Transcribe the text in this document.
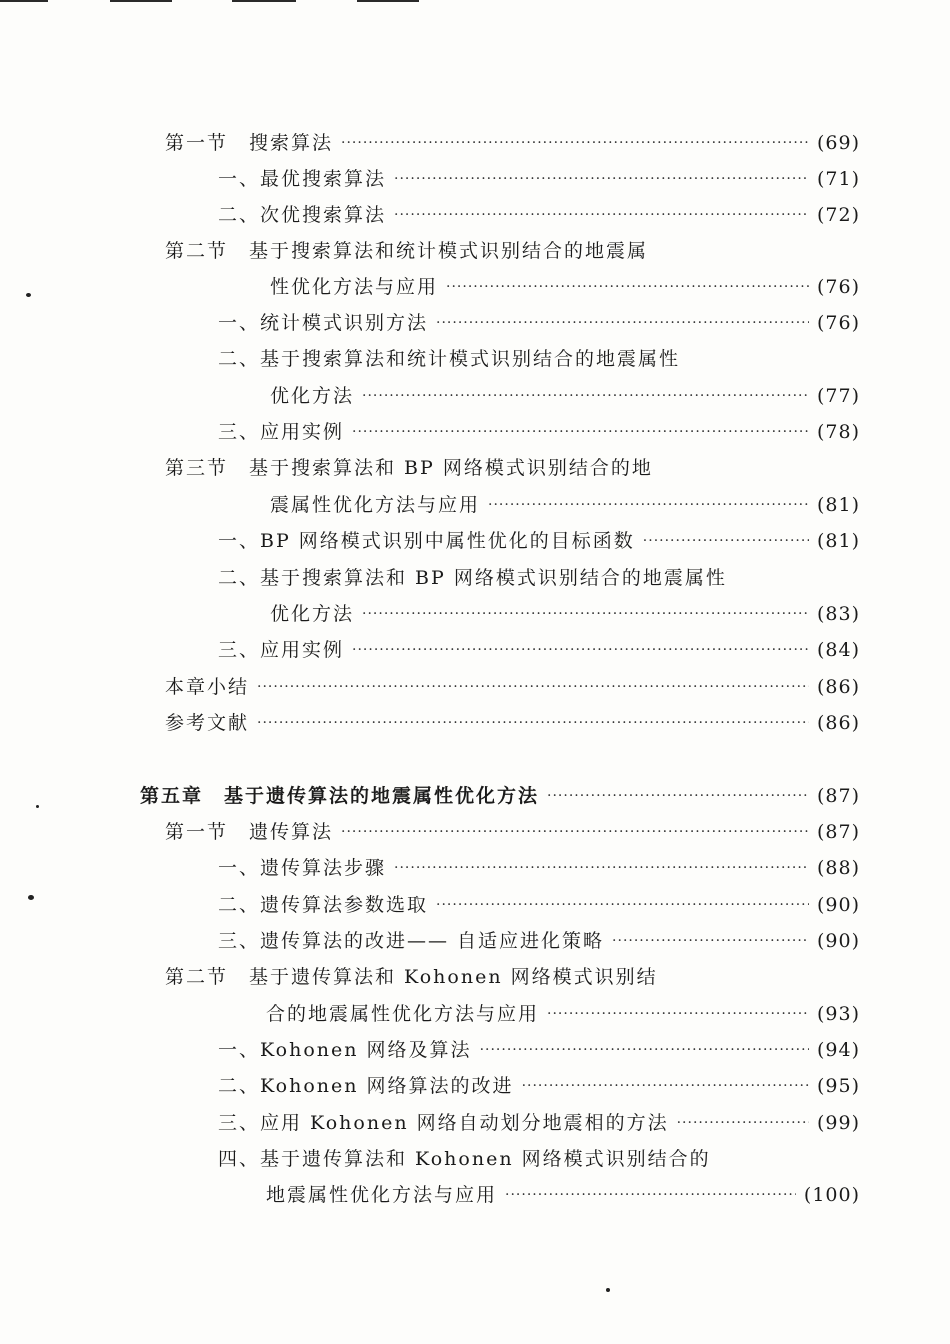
第一节　搜索算法 ·····	(69)
一、最优搜索算法 ·····	(71)
二、次优搜索算法 ·····	(72)
第二节　基于搜索算法和统计模式识别结合的地震属
性优化方法与应用 ·····	(76)
一、统计模式识别方法 ·····	(76)
二、基于搜索算法和统计模式识别结合的地震属性
优化方法 ·····	(77)
三、应用实例 ·····	(78)
第三节　基于搜索算法和 BP 网络模式识别结合的地
震属性优化方法与应用 ·····	(81)
一、BP 网络模式识别中属性优化的目标函数 ·····	(81)
二、基于搜索算法和 BP 网络模式识别结合的地震属性
优化方法 ·····	(83)
三、应用实例 ·····	(84)
本章小结 ·····	(86)
参考文献 ·····	(86)
第五章　基于遗传算法的地震属性优化方法 ·····	(87)
第一节　遗传算法 ·····	(87)
一、遗传算法步骤 ·····	(88)
二、遗传算法参数选取 ·····	(90)
三、遗传算法的改进—— 自适应进化策略 ·····	(90)
第二节　基于遗传算法和 Kohonen 网络模式识别结
合的地震属性优化方法与应用 ·····	(93)
一、Kohonen 网络及算法 ·····	(94)
二、Kohonen 网络算法的改进 ·····	(95)
三、应用 Kohonen 网络自动划分地震相的方法 ·····	(99)
四、基于遗传算法和 Kohonen 网络模式识别结合的
地震属性优化方法与应用 ·····	(100)
